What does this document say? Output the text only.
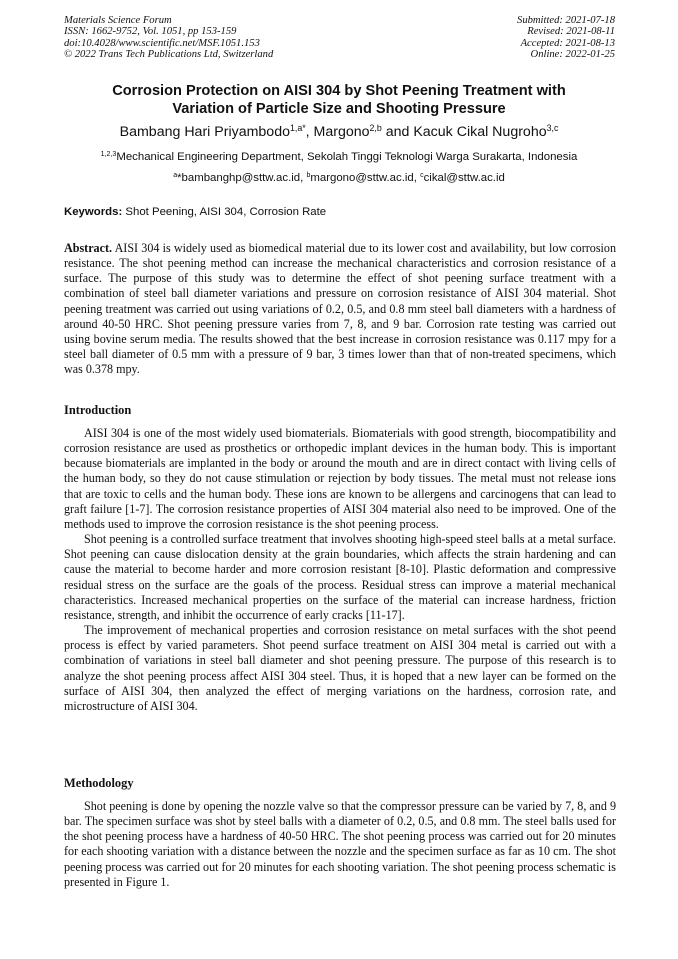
Materials Science Forum
ISSN: 1662-9752, Vol. 1051, pp 153-159
doi:10.4028/www.scientific.net/MSF.1051.153
© 2022 Trans Tech Publications Ltd, Switzerland
Submitted: 2021-07-18
Revised: 2021-08-11
Accepted: 2021-08-13
Online: 2022-01-25
Corrosion Protection on AISI 304 by Shot Peening Treatment with
Variation of Particle Size and Shooting Pressure
Bambang Hari Priyambodo$^{1,a*}$, Margono$^{2,b}$ and Kacuk Cikal Nugroho$^{3,c}$
$^{1,2,3}$Mechanical Engineering Department, Sekolah Tinggi Teknologi Warga Surakarta, Indonesia
$^a$*bambanghp@sttw.ac.id, $^b$margono@sttw.ac.id, $^c$cikal@sttw.ac.id
Keywords: Shot Peening, AISI 304, Corrosion Rate

Abstract. AISI 304 is widely used as biomedical material due to its lower cost and availability, but low corrosion resistance. The shot peening method can increase the mechanical characteristics and corrosion resistance of a surface. The purpose of this study was to determine the effect of shot peening surface treatment with a combination of steel ball diameter variations and pressure on corrosion resistance of AISI 304 material. Shot peening treatment was carried out using variations of 0.2, 0.5, and 0.8 mm steel ball diameters with a hardness of around 40-50 HRC. Shot peening pressure varies from 7, 8, and 9 bar. Corrosion rate testing was carried out using bovine serum media. The results showed that the best increase in corrosion resistance was 0.117 mpy for a steel ball diameter of 0.5 mm with a pressure of 9 bar, 3 times lower than that of non-treated specimens, which was 0.378 mpy.

Introduction

AISI 304 is one of the most widely used biomaterials. Biomaterials with good strength, biocompatibility and corrosion resistance are used as prosthetics or orthopedic implant devices in the human body. This is important because biomaterials are implanted in the body or around the mouth and are in direct contact with living cells of the human body, so they do not cause stimulation or rejection by body tissues. The metal must not release ions that are toxic to cells and the human body. These ions are known to be allergens and carcinogens that can lead to graft failure [1-7]. The corrosion resistance properties of AISI 304 material also need to be improved. One of the methods used to improve the corrosion resistance is the shot peening process.

Shot peening is a controlled surface treatment that involves shooting high-speed steel balls at a metal surface. Shot peening can cause dislocation density at the grain boundaries, which affects the strain hardening and can cause the material to become harder and more corrosion resistant [8-10]. Plastic deformation and compressive residual stress on the surface are the goals of the process. Residual stress can improve a material mechanical characteristics. Increased mechanical properties on the surface of the material can increase hardness, friction resistance, strength, and inhibit the occurrence of early cracks [11-17].

The improvement of mechanical properties and corrosion resistance on metal surfaces with the shot peend process is effect by varied parameters. Shot peend surface treatment on AISI 304 metal is carried out with a combination of variations in steel ball diameter and shot peening pressure. The purpose of this research is to analyze the shot peening process affect AISI 304 steel. Thus, it is hoped that a new layer can be formed on the surface of AISI 304, then analyzed the effect of merging variations on the hardness, corrosion rate, and microstructure of AISI 304.

Methodology

Shot peening is done by opening the nozzle valve so that the compressor pressure can be varied by 7, 8, and 9 bar. The specimen surface was shot by steel balls with a diameter of 0.2, 0.5, and 0.8 mm. The steel balls used for the shot peening process have a hardness of 40-50 HRC. The shot peening process was carried out for 20 minutes for each shooting variation with a distance between the nozzle and the specimen surface as far as 10 cm. The shot peening process was carried out for 20 minutes for each shooting variation. The shot peening process schematic is presented in Figure 1.
